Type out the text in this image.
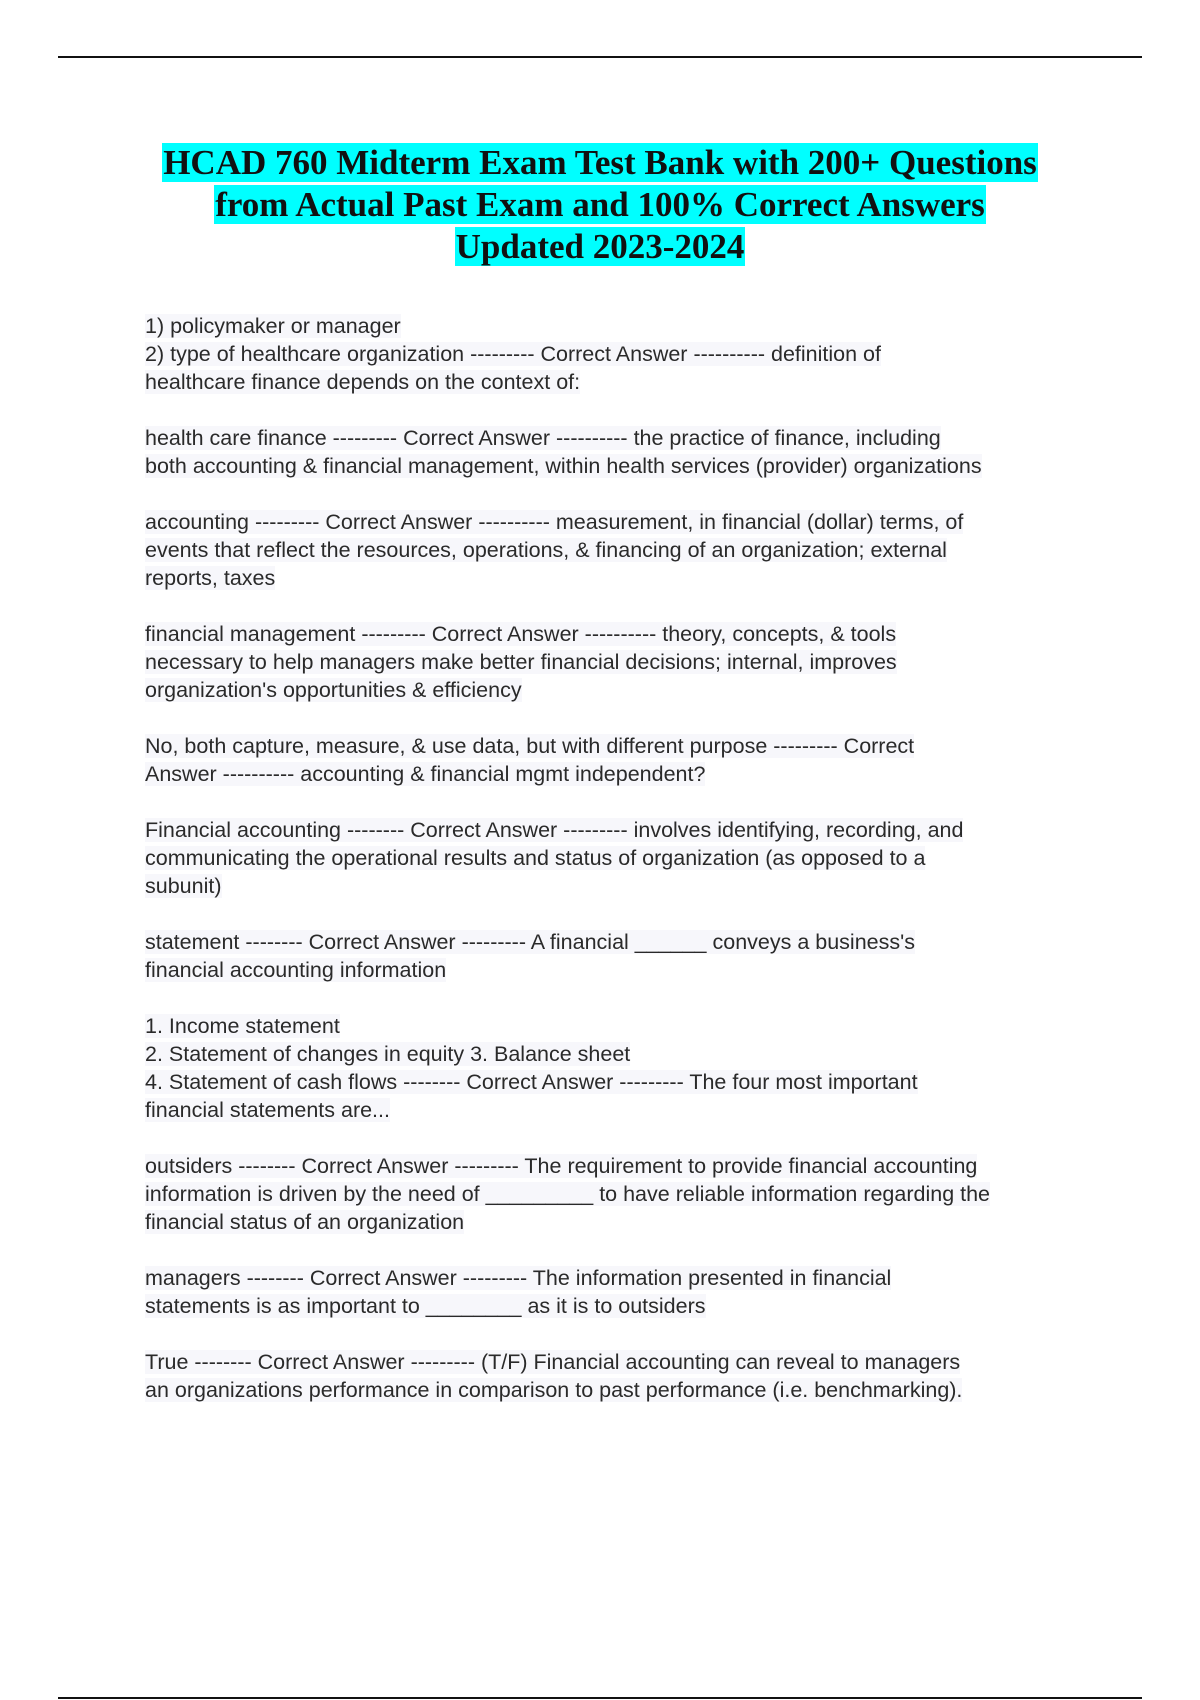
HCAD 760 Midterm Exam Test Bank with 200+ Questions
from Actual Past Exam and 100% Correct Answers
Updated 2023-2024
1) policymaker or manager
2) type of healthcare organization --------- Correct Answer ---------- definition of
healthcare finance depends on the context of:
health care finance --------- Correct Answer ---------- the practice of finance, including
both accounting & financial management, within health services (provider) organizations
accounting --------- Correct Answer ---------- measurement, in financial (dollar) terms, of
events that reflect the resources, operations, & financing of an organization; external
reports, taxes
financial management --------- Correct Answer ---------- theory, concepts, & tools
necessary to help managers make better financial decisions; internal, improves
organization's opportunities & efficiency
No, both capture, measure, & use data, but with different purpose --------- Correct
Answer ---------- accounting & financial mgmt independent?
Financial accounting -------- Correct Answer --------- involves identifying, recording, and
communicating the operational results and status of organization (as opposed to a
subunit)
statement -------- Correct Answer --------- A financial ______ conveys a business's
financial accounting information
1. Income statement
2. Statement of changes in equity 3. Balance sheet
4. Statement of cash flows -------- Correct Answer --------- The four most important
financial statements are...
outsiders -------- Correct Answer --------- The requirement to provide financial accounting
information is driven by the need of _________ to have reliable information regarding the
financial status of an organization
managers -------- Correct Answer --------- The information presented in financial
statements is as important to ________ as it is to outsiders
True -------- Correct Answer --------- (T/F) Financial accounting can reveal to managers
an organizations performance in comparison to past performance (i.e. benchmarking).
